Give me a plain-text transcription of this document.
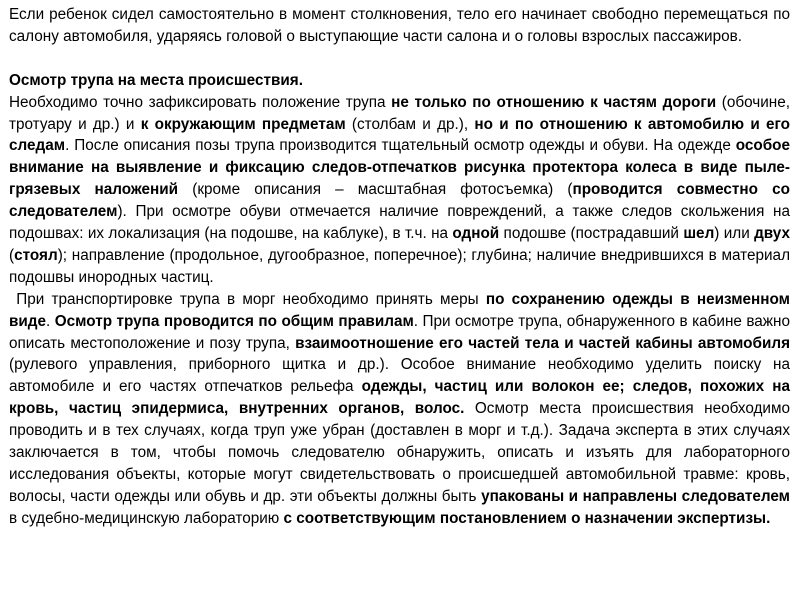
Если ребенок сидел самостоятельно в момент столкновения, тело его начинает свободно перемещаться по салону автомобиля, ударяясь головой о выступающие части салона и о головы взрослых пассажиров.

Осмотр трупа на места происшествия.

Необходимо точно зафиксировать положение трупа не только по отношению к частям дороги (обочине, тротуару и др.) и к окружающим предметам (столбам и др.), но и по отношению к автомобилю и его следам. После описания позы трупа производится тщательный осмотр одежды и обуви. На одежде особое внимание на выявление и фиксацию следов-отпечатков рисунка протектора колеса в виде пыле-грязевых наложений (кроме описания – масштабная фотосъемка) (проводится совместно со следователем). При осмотре обуви отмечается наличие повреждений, а также следов скольжения на подошвах: их локализация (на подошве, на каблуке), в т.ч. на одной подошве (пострадавший шел) или двух (стоял); направление (продольное, дугообразное, поперечное); глубина; наличие внедрившихся в материал подошвы инородных частиц.

При транспортировке трупа в морг необходимо принять меры по сохранению одежды в неизменном виде. Осмотр трупа проводится по общим правилам. При осмотре трупа, обнаруженного в кабине важно описать местоположение и позу трупа, взаимоотношение его частей тела и частей кабины автомобиля (рулевого управления, приборного щитка и др.). Особое внимание необходимо уделить поиску на автомобиле и его частях отпечатков рельефа одежды, частиц или волокон ее; следов, похожих на кровь, частиц эпидермиса, внутренних органов, волос. Осмотр места происшествия необходимо проводить и в тех случаях, когда труп уже убран (доставлен в морг и т.д.). Задача эксперта в этих случаях заключается в том, чтобы помочь следователю обнаружить, описать и изъять для лабораторного исследования объекты, которые могут свидетельствовать о происшедшей автомобильной травме: кровь, волосы, части одежды или обувь и др. эти объекты должны быть упакованы и направлены следователем в судебно-медицинскую лабораторию с соответствующим постановлением о назначении экспертизы.
